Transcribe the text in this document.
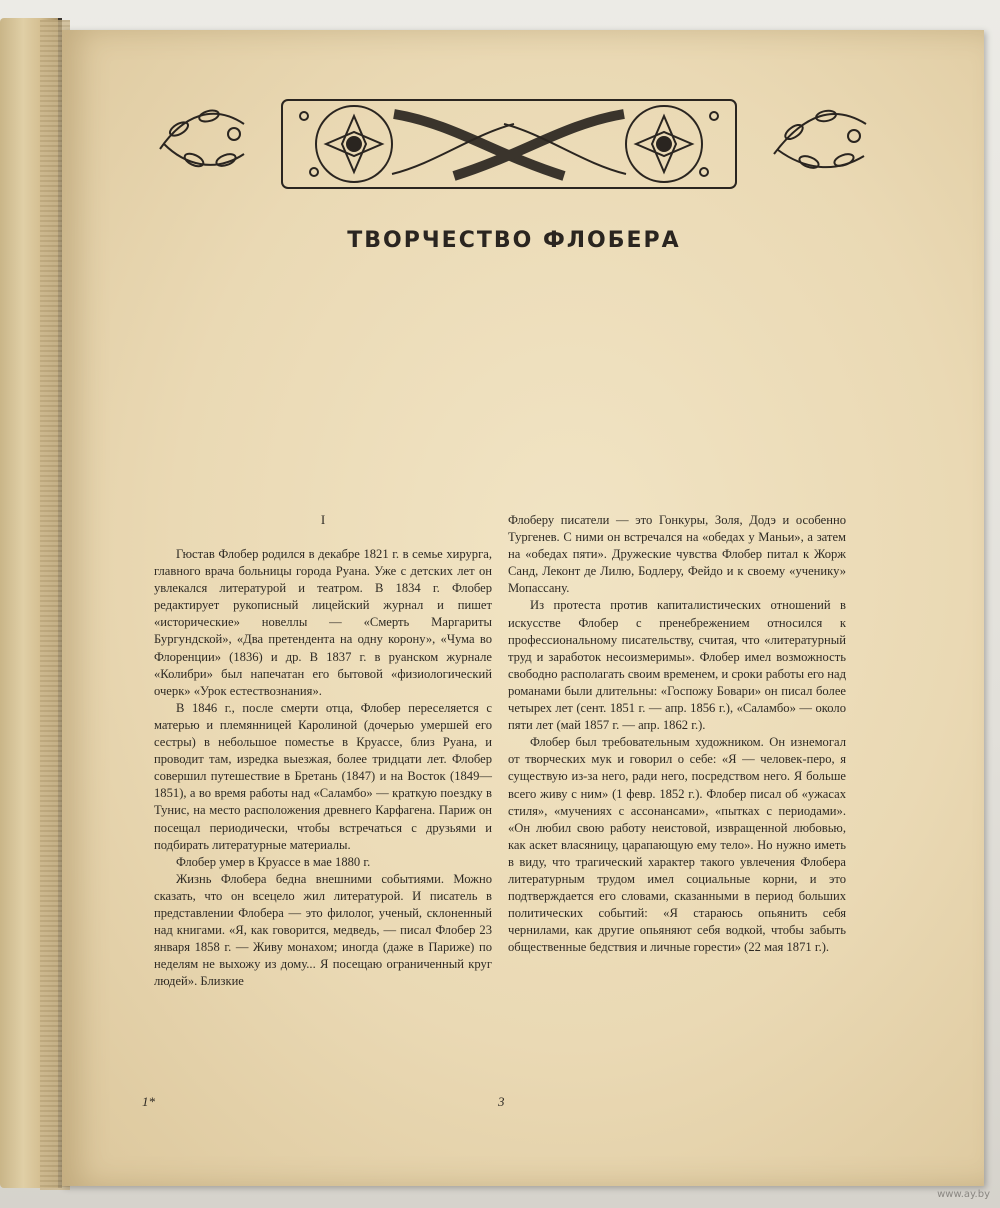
ТВОРЧЕСТВО ФЛОБЕРА
I

Гюстав Флобер родился в декабре 1821 г. в семье хирурга, главного врача больницы города Руана. Уже с детских лет он увлекался литературой и театром. В 1834 г. Флобер редактирует рукописный лицейский журнал и пишет «исторические» новеллы — «Смерть Маргариты Бургундской», «Два претендента на одну корону», «Чума во Флоренции» (1836) и др. В 1837 г. в руанском журнале «Колибри» был напечатан его бытовой «физиологический очерк» «Урок естествознания».

В 1846 г., после смерти отца, Флобер переселяется с матерью и племянницей Каролиной (дочерью умершей его сестры) в небольшое поместье в Круассе, близ Руана, и проводит там, изредка выезжая, более тридцати лет. Флобер совершил путешествие в Бретань (1847) и на Восток (1849—1851), а во время работы над «Саламбо» — краткую поездку в Тунис, на место расположения древнего Карфагена. Париж он посещал периодически, чтобы встречаться с друзьями и подбирать литературные материалы.

Флобер умер в Круассе в мае 1880 г.

Жизнь Флобера бедна внешними событиями. Можно сказать, что он всецело жил литературой. И писатель в представлении Флобера — это филолог, ученый, склоненный над книгами. «Я, как говорится, медведь, — писал Флобер 23 января 1858 г. — Живу монахом; иногда (даже в Париже) по неделям не выхожу из дому... Я посещаю ограниченный круг людей». Близкие

Флоберу писатели — это Гонкуры, Золя, Додэ и особенно Тургенев. С ними он встречался на «обедах у Маньи», а затем на «обедах пяти». Дружеские чувства Флобер питал к Жорж Санд, Леконт де Лилю, Бодлеру, Фейдо и к своему «ученику» Мопассану.

Из протеста против капиталистических отношений в искусстве Флобер с пренебрежением относился к профессиональному писательству, считая, что «литературный труд и заработок несоизмеримы». Флобер имел возможность свободно располагать своим временем, и сроки работы его над романами были длительны: «Госпожу Бовари» он писал более четырех лет (сент. 1851 г. — апр. 1856 г.), «Саламбо» — около пяти лет (май 1857 г. — апр. 1862 г.).

Флобер был требовательным художником. Он изнемогал от творческих мук и говорил о себе: «Я — человек-перо, я существую из-за него, ради него, посредством него. Я больше всего живу с ним» (1 февр. 1852 г.). Флобер писал об «ужасах стиля», «мучениях с ассонансами», «пытках с периодами». «Он любил свою работу неистовой, извращенной любовью, как аскет власяницу, царапающую ему тело». Но нужно иметь в виду, что трагический характер такого увлечения Флобера литературным трудом имел социальные корни, и это подтверждается его словами, сказанными в период больших политических событий: «Я стараюсь опьянить себя чернилами, как другие опьяняют себя водкой, чтобы забыть общественные бедствия и личные горести» (22 мая 1871 г.).

1*	3
www.ay.by
